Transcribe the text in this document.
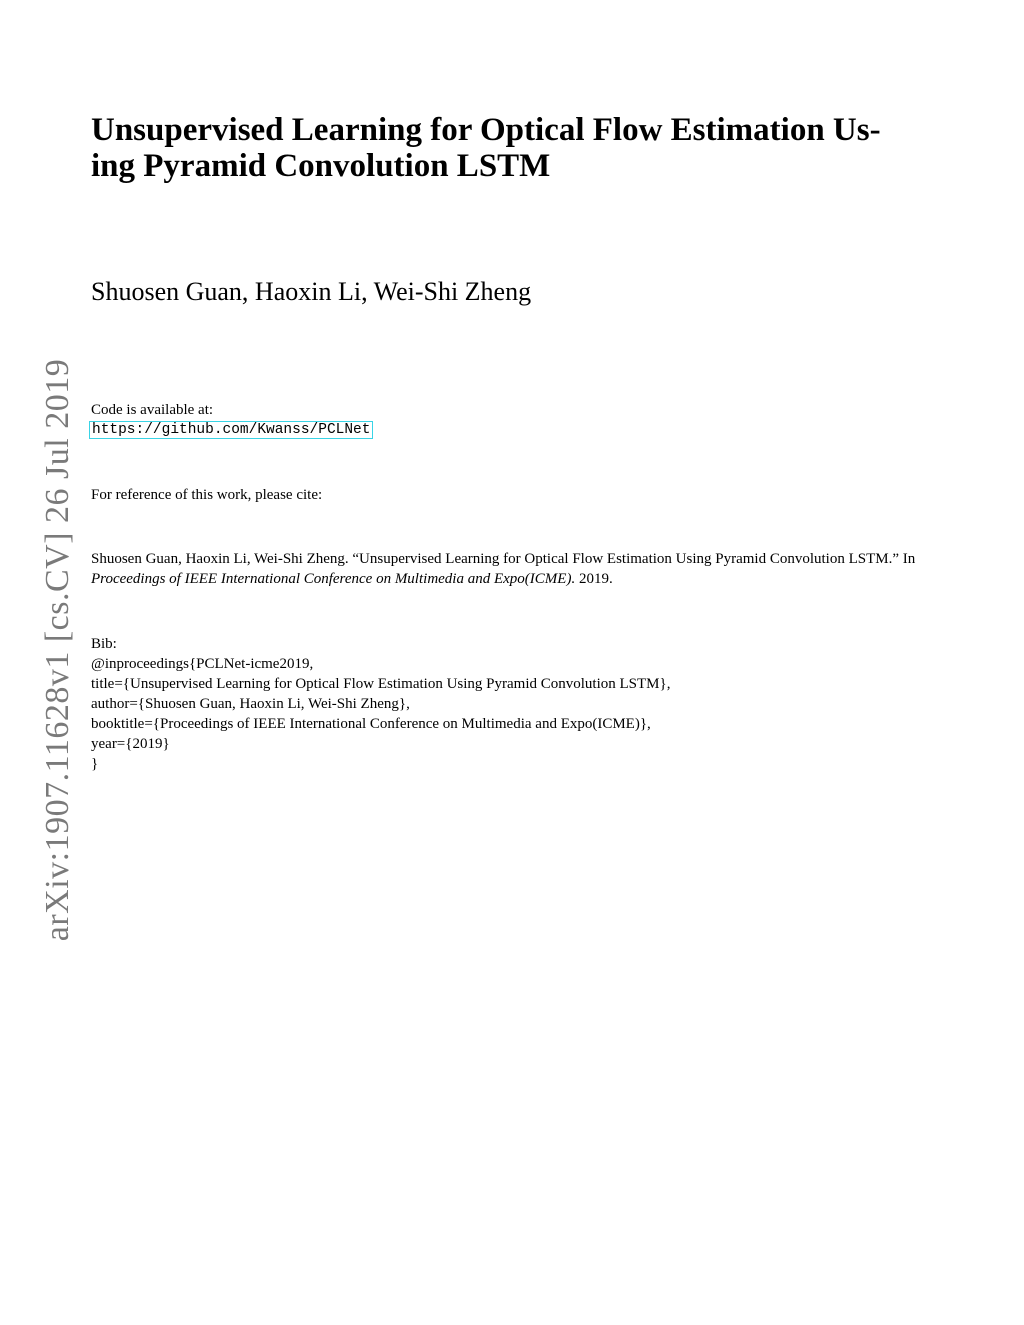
arXiv:1907.11628v1 [cs.CV] 26 Jul 2019
Unsupervised Learning for Optical Flow Estimation Us-
ing Pyramid Convolution LSTM
Shuosen Guan, Haoxin Li, Wei-Shi Zheng
Code is available at:
https://github.com/Kwanss/PCLNet
For reference of this work, please cite:
Shuosen Guan, Haoxin Li, Wei-Shi Zheng. “Unsupervised Learning for Optical Flow Estimation Using Pyramid Convolution LSTM.” In Proceedings of IEEE International Conference on Multimedia and Expo(ICME). 2019.
Bib:
@inproceedings{PCLNet-icme2019,
title={Unsupervised Learning for Optical Flow Estimation Using Pyramid Convolution LSTM},
author={Shuosen Guan, Haoxin Li, Wei-Shi Zheng},
booktitle={Proceedings of IEEE International Conference on Multimedia and Expo(ICME)},
year={2019}
}
